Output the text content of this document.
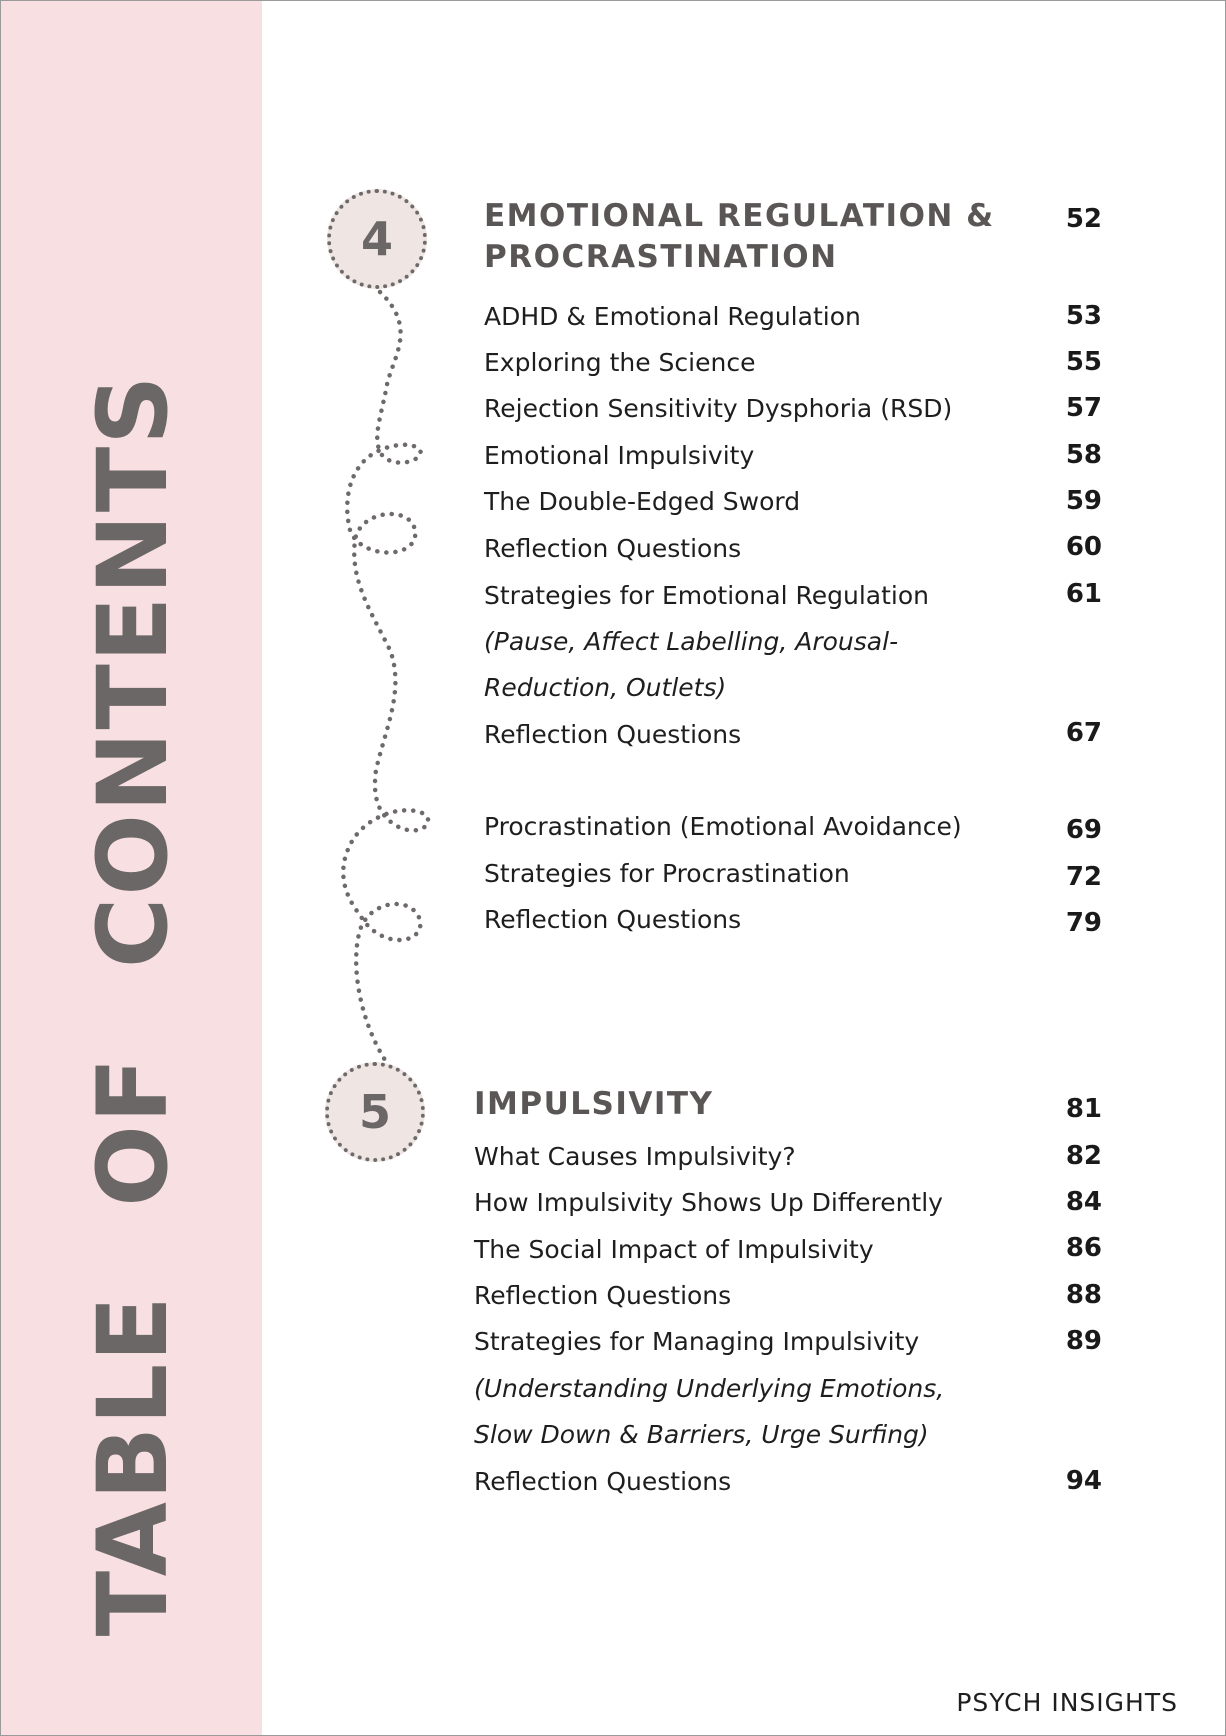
TABLE OF CONTENTS
4
5
EMOTIONAL REGULATION &
PROCRASTINATION
52
ADHD & Emotional Regulation	53
Exploring the Science	55
Rejection Sensitivity Dysphoria (RSD)	57
Emotional Impulsivity	58
The Double-Edged Sword	59
Reflection Questions	60
Strategies for Emotional Regulation	61
(Pause, Affect Labelling, Arousal-
Reduction, Outlets)
Reflection Questions	67
Procrastination (Emotional Avoidance)	69
Strategies for Procrastination	72
Reflection Questions	79
IMPULSIVITY	81
What Causes Impulsivity?	82
How Impulsivity Shows Up Differently	84
The Social Impact of Impulsivity	86
Reflection Questions	88
Strategies for Managing Impulsivity	89
(Understanding Underlying Emotions,
Slow Down & Barriers, Urge Surfing)
Reflection Questions	94
PSYCH INSIGHTS
